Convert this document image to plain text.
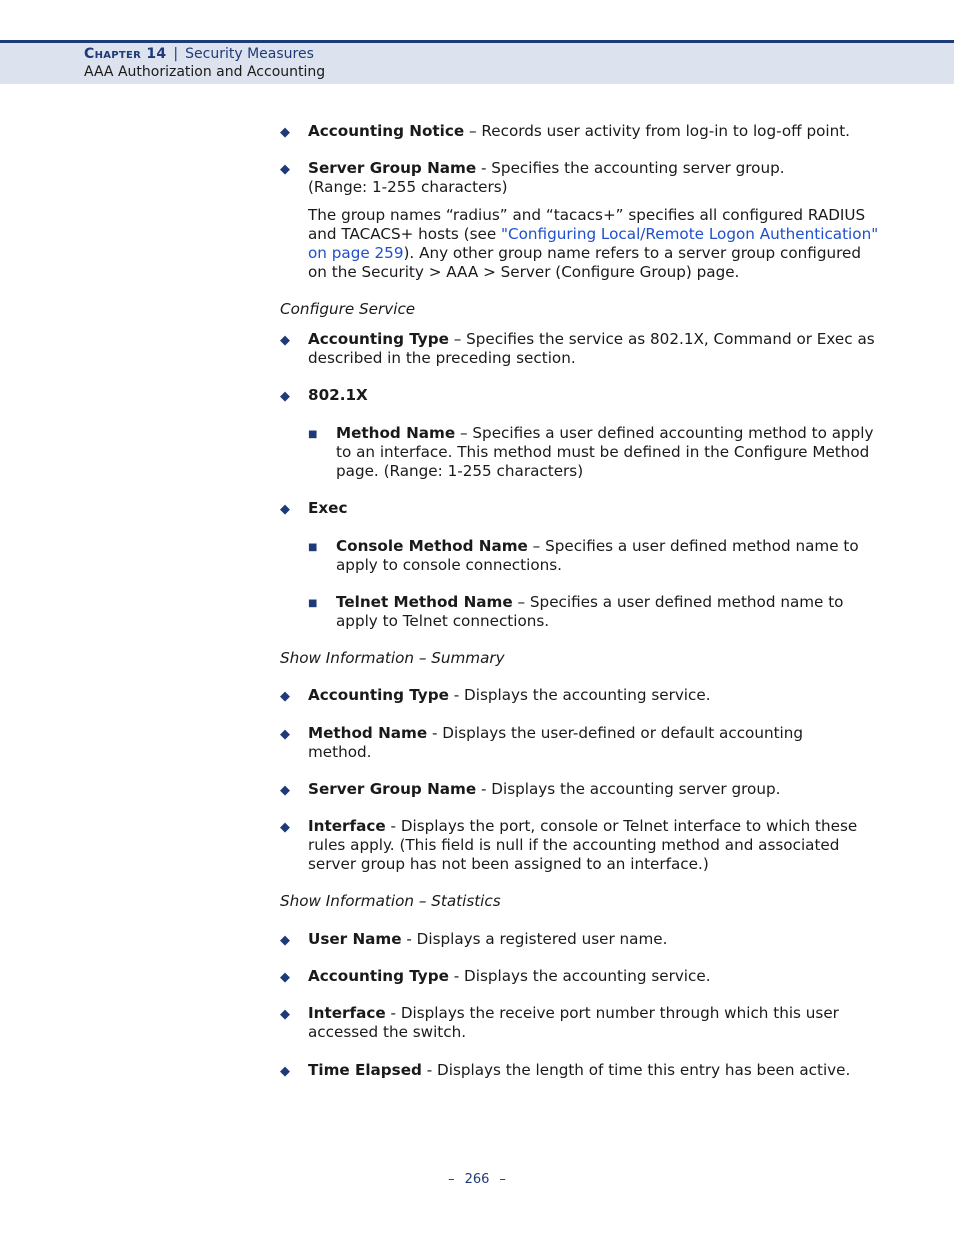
Chapter 14 | Security Measures
AAA Authorization and Accounting
◆ Accounting Notice – Records user activity from log-in to log-off point.
◆ Server Group Name - Specifies the accounting server group. (Range: 1-255 characters)
The group names “radius” and “tacacs+” specifies all configured RADIUS and TACACS+ hosts (see "Configuring Local/Remote Logon Authentication" on page 259). Any other group name refers to a server group configured on the Security > AAA > Server (Configure Group) page.
Configure Service
◆ Accounting Type – Specifies the service as 802.1X, Command or Exec as described in the preceding section.
◆ 802.1X
■ Method Name – Specifies a user defined accounting method to apply to an interface. This method must be defined in the Configure Method page. (Range: 1-255 characters)
◆ Exec
■ Console Method Name – Specifies a user defined method name to apply to console connections.
■ Telnet Method Name – Specifies a user defined method name to apply to Telnet connections.
Show Information – Summary
◆ Accounting Type - Displays the accounting service.
◆ Method Name - Displays the user-defined or default accounting method.
◆ Server Group Name - Displays the accounting server group.
◆ Interface - Displays the port, console or Telnet interface to which these rules apply. (This field is null if the accounting method and associated server group has not been assigned to an interface.)
Show Information – Statistics
◆ User Name - Displays a registered user name.
◆ Accounting Type - Displays the accounting service.
◆ Interface - Displays the receive port number through which this user accessed the switch.
◆ Time Elapsed - Displays the length of time this entry has been active.
– 266 –
